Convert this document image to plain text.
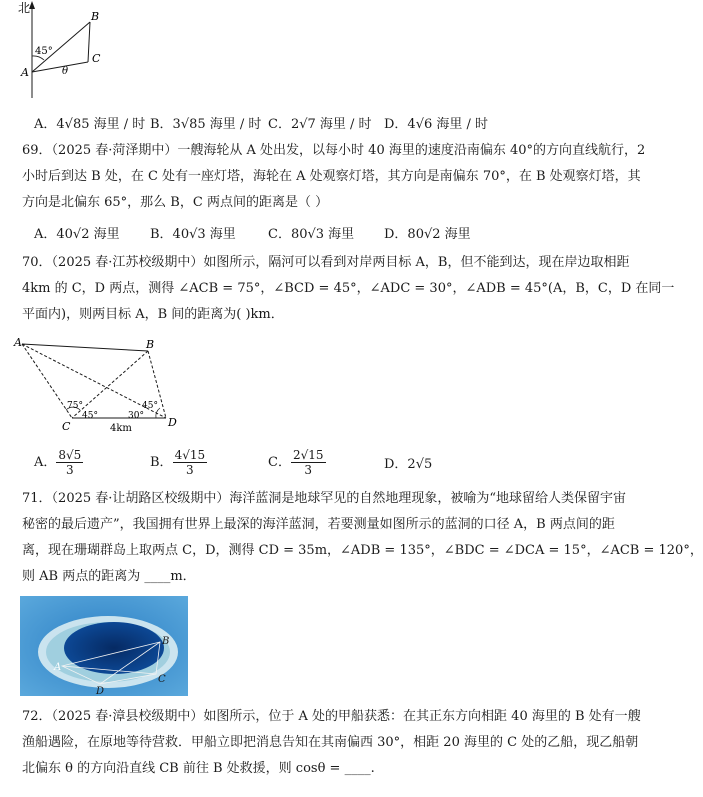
北
45°
A
B
C
θ
A．4√85 海里 / 时 B．3√85 海里 / 时 C．2√7 海里 / 时 D．4√6 海里 / 时
69．（2025 春·菏泽期中）一艘海轮从 A 处出发，以每小时 40 海里的速度沿南偏东 40°的方向直线航行，2
小时后到达 B 处，在 C 处有一座灯塔，海轮在 A 处观察灯塔，其方向是南偏东 70°，在 B 处观察灯塔，其
方向是北偏东 65°，那么 B，C 两点间的距离是（ ）
A．40√2 海里 B．40√3 海里 C．80√3 海里 D．80√2 海里
70．（2025 春·江苏校级期中）如图所示，隔河可以看到对岸两目标 A，B，但不能到达，现在岸边取相距
4km 的 C，D 两点，测得 ∠ACB = 75°，∠BCD = 45°，∠ADC = 30°，∠ADB = 45°(A，B，C，D 在同一
平面内)，则两目标 A，B 间的距离为( )km．
A	B
C	D
75°
45°	30°
45°
4km
A． $\frac{8√5}{3}$	B． $\frac{4√15}{3}$	C． $\frac{2√15}{3}$	D．2√5
71．（2025 春·让胡路区校级期中）海洋蓝洞是地球罕见的自然地理现象，被喻为“地球留给人类保留宇宙
秘密的最后遗产”，我国拥有世界上最深的海洋蓝洞，若要测量如图所示的蓝洞的口径 A，B 两点间的距
离，现在珊瑚群岛上取两点 C，D，测得 CD = 35m，∠ADB = 135°，∠BDC = ∠DCA = 15°，∠ACB = 120°，
则 AB 两点的距离为 ____m．
A
B
C
D
72．（2025 春·漳县校级期中）如图所示，位于 A 处的甲船获悉：在其正东方向相距 40 海里的 B 处有一艘
渔船遇险，在原地等待营救．甲船立即把消息告知在其南偏西 30°，相距 20 海里的 C 处的乙船，现乙船朝
北偏东 θ 的方向沿直线 CB 前往 B 处救援，则 cosθ = ____.
